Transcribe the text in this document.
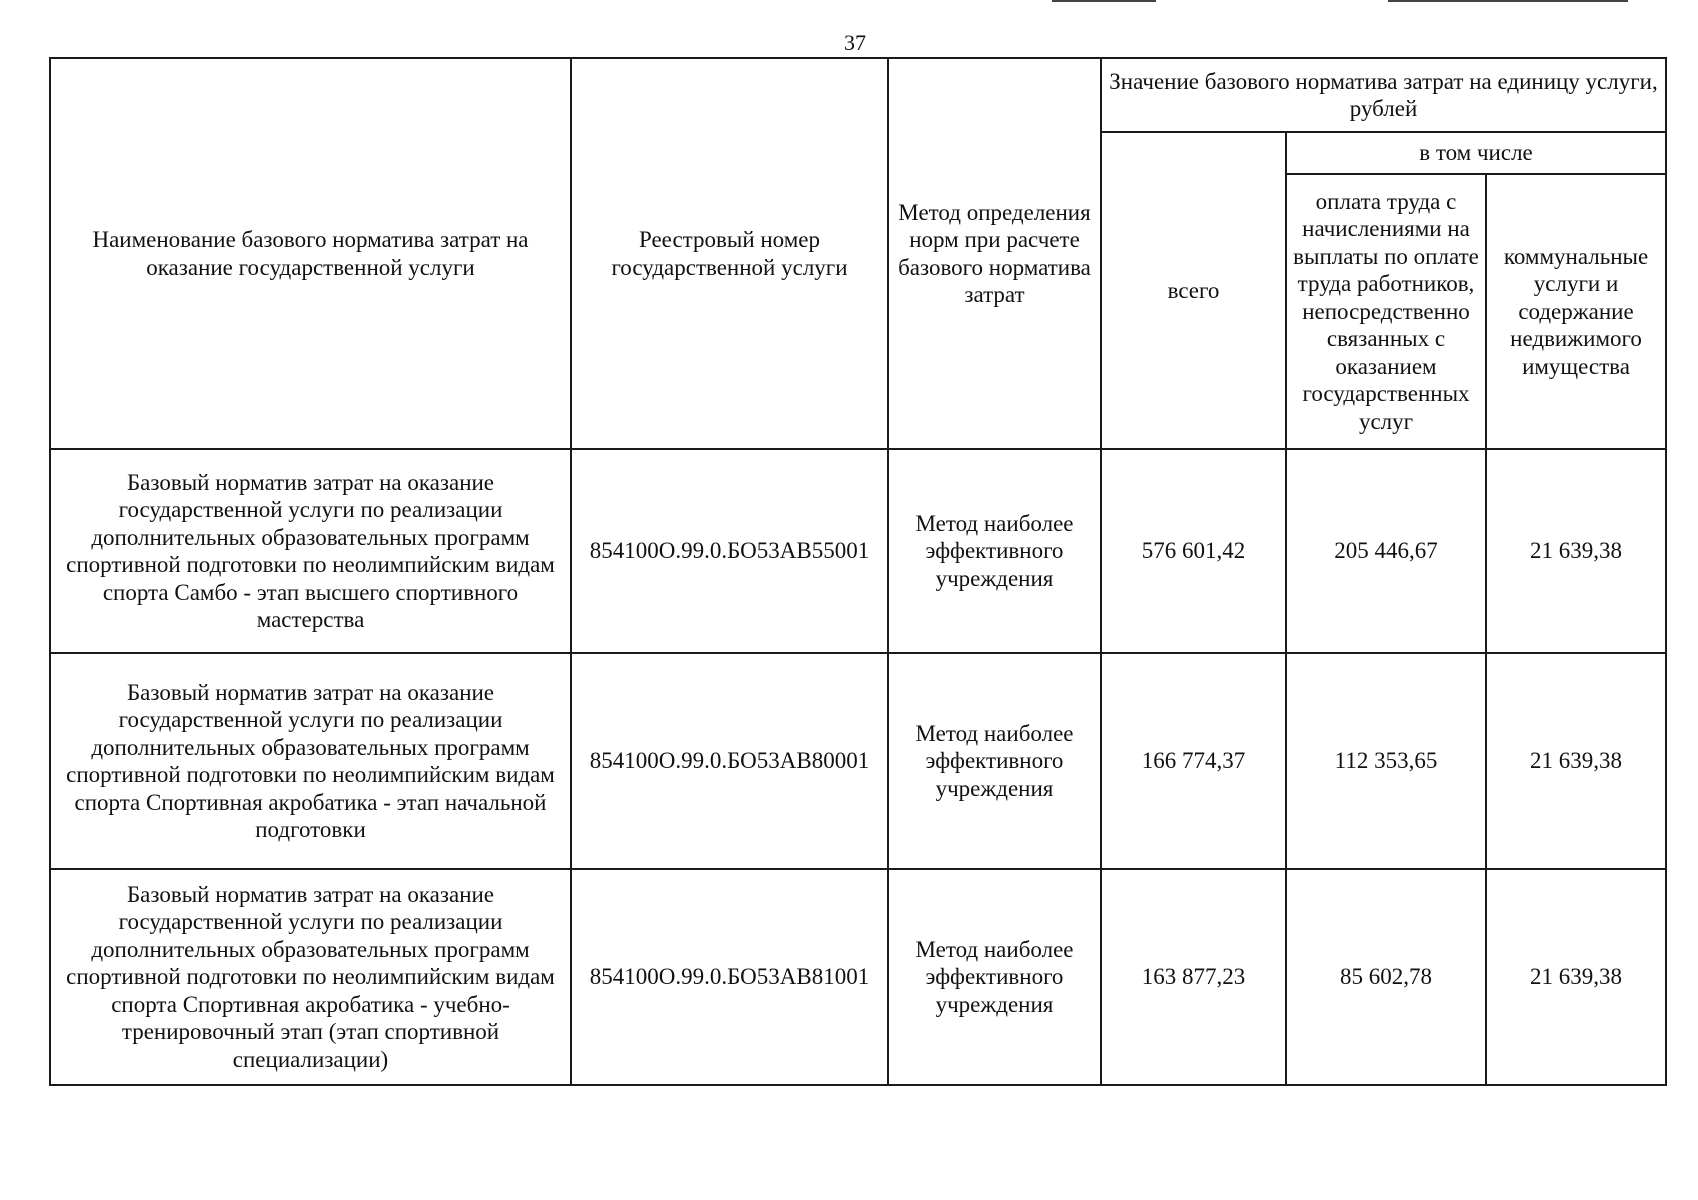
37
Наименование базового норматива затрат на оказание государственной услуги	Реестровый номер государственной услуги	Метод определения норм при расчете базового норматива затрат	Значение базового норматива затрат на единицу услуги, рублей		
			всего	в том числе	
				оплата труда с начислениями на выплаты по оплате труда работников, непосредственно связанных с оказанием государственных услуг	коммунальные услуги и содержание недвижимого имущества
Базовый норматив затрат на оказание государственной услуги по реализации дополнительных образовательных программ спортивной подготовки по неолимпийским видам спорта Самбо - этап высшего спортивного мастерства	854100О.99.0.БО53АВ55001	Метод наиболее эффективного учреждения	576 601,42	205 446,67	21 639,38
Базовый норматив затрат на оказание государственной услуги по реализации дополнительных образовательных программ спортивной подготовки по неолимпийским видам спорта Спортивная акробатика - этап начальной подготовки	854100О.99.0.БО53АВ80001	Метод наиболее эффективного учреждения	166 774,37	112 353,65	21 639,38
Базовый норматив затрат на оказание государственной услуги по реализации дополнительных образовательных программ спортивной подготовки по неолимпийским видам спорта Спортивная акробатика - учебно-тренировочный этап (этап спортивной специализации)	854100О.99.0.БО53АВ81001	Метод наиболее эффективного учреждения	163 877,23	85 602,78	21 639,38
